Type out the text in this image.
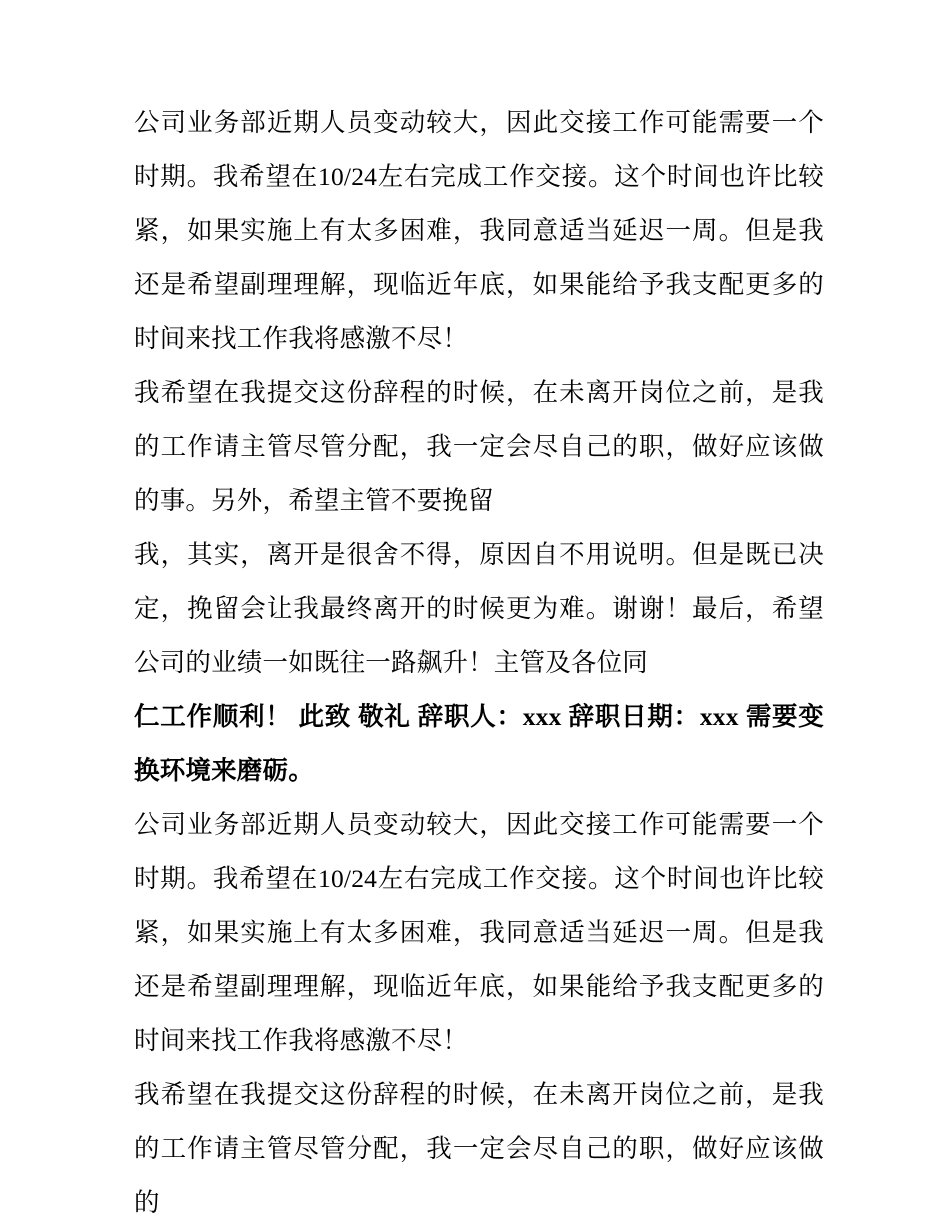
公司业务部近期人员变动较大，因此交接工作可能需要一个时期。我希望在10/24左右完成工作交接。这个时间也许比较紧，如果实施上有太多困难，我同意适当延迟一周。但是我还是希望副理理解，现临近年底，如果能给予我支配更多的时间来找工作我将感激不尽！

我希望在我提交这份辞程的时候，在未离开岗位之前，是我的工作请主管尽管分配，我一定会尽自己的职，做好应该做的事。另外，希望主管不要挽留

我，其实，离开是很舍不得，原因自不用说明。但是既已决定，挽留会让我最终离开的时候更为难。谢谢！最后，希望公司的业绩一如既往一路飙升！主管及各位同

仁工作顺利！ 此致 敬礼 辞职人：xxx 辞职日期：xxx 需要变换环境来磨砺。

公司业务部近期人员变动较大，因此交接工作可能需要一个时期。我希望在10/24左右完成工作交接。这个时间也许比较紧，如果实施上有太多困难，我同意适当延迟一周。但是我还是希望副理理解，现临近年底，如果能给予我支配更多的时间来找工作我将感激不尽！

我希望在我提交这份辞程的时候，在未离开岗位之前，是我的工作请主管尽管分配，我一定会尽自己的职，做好应该做的
